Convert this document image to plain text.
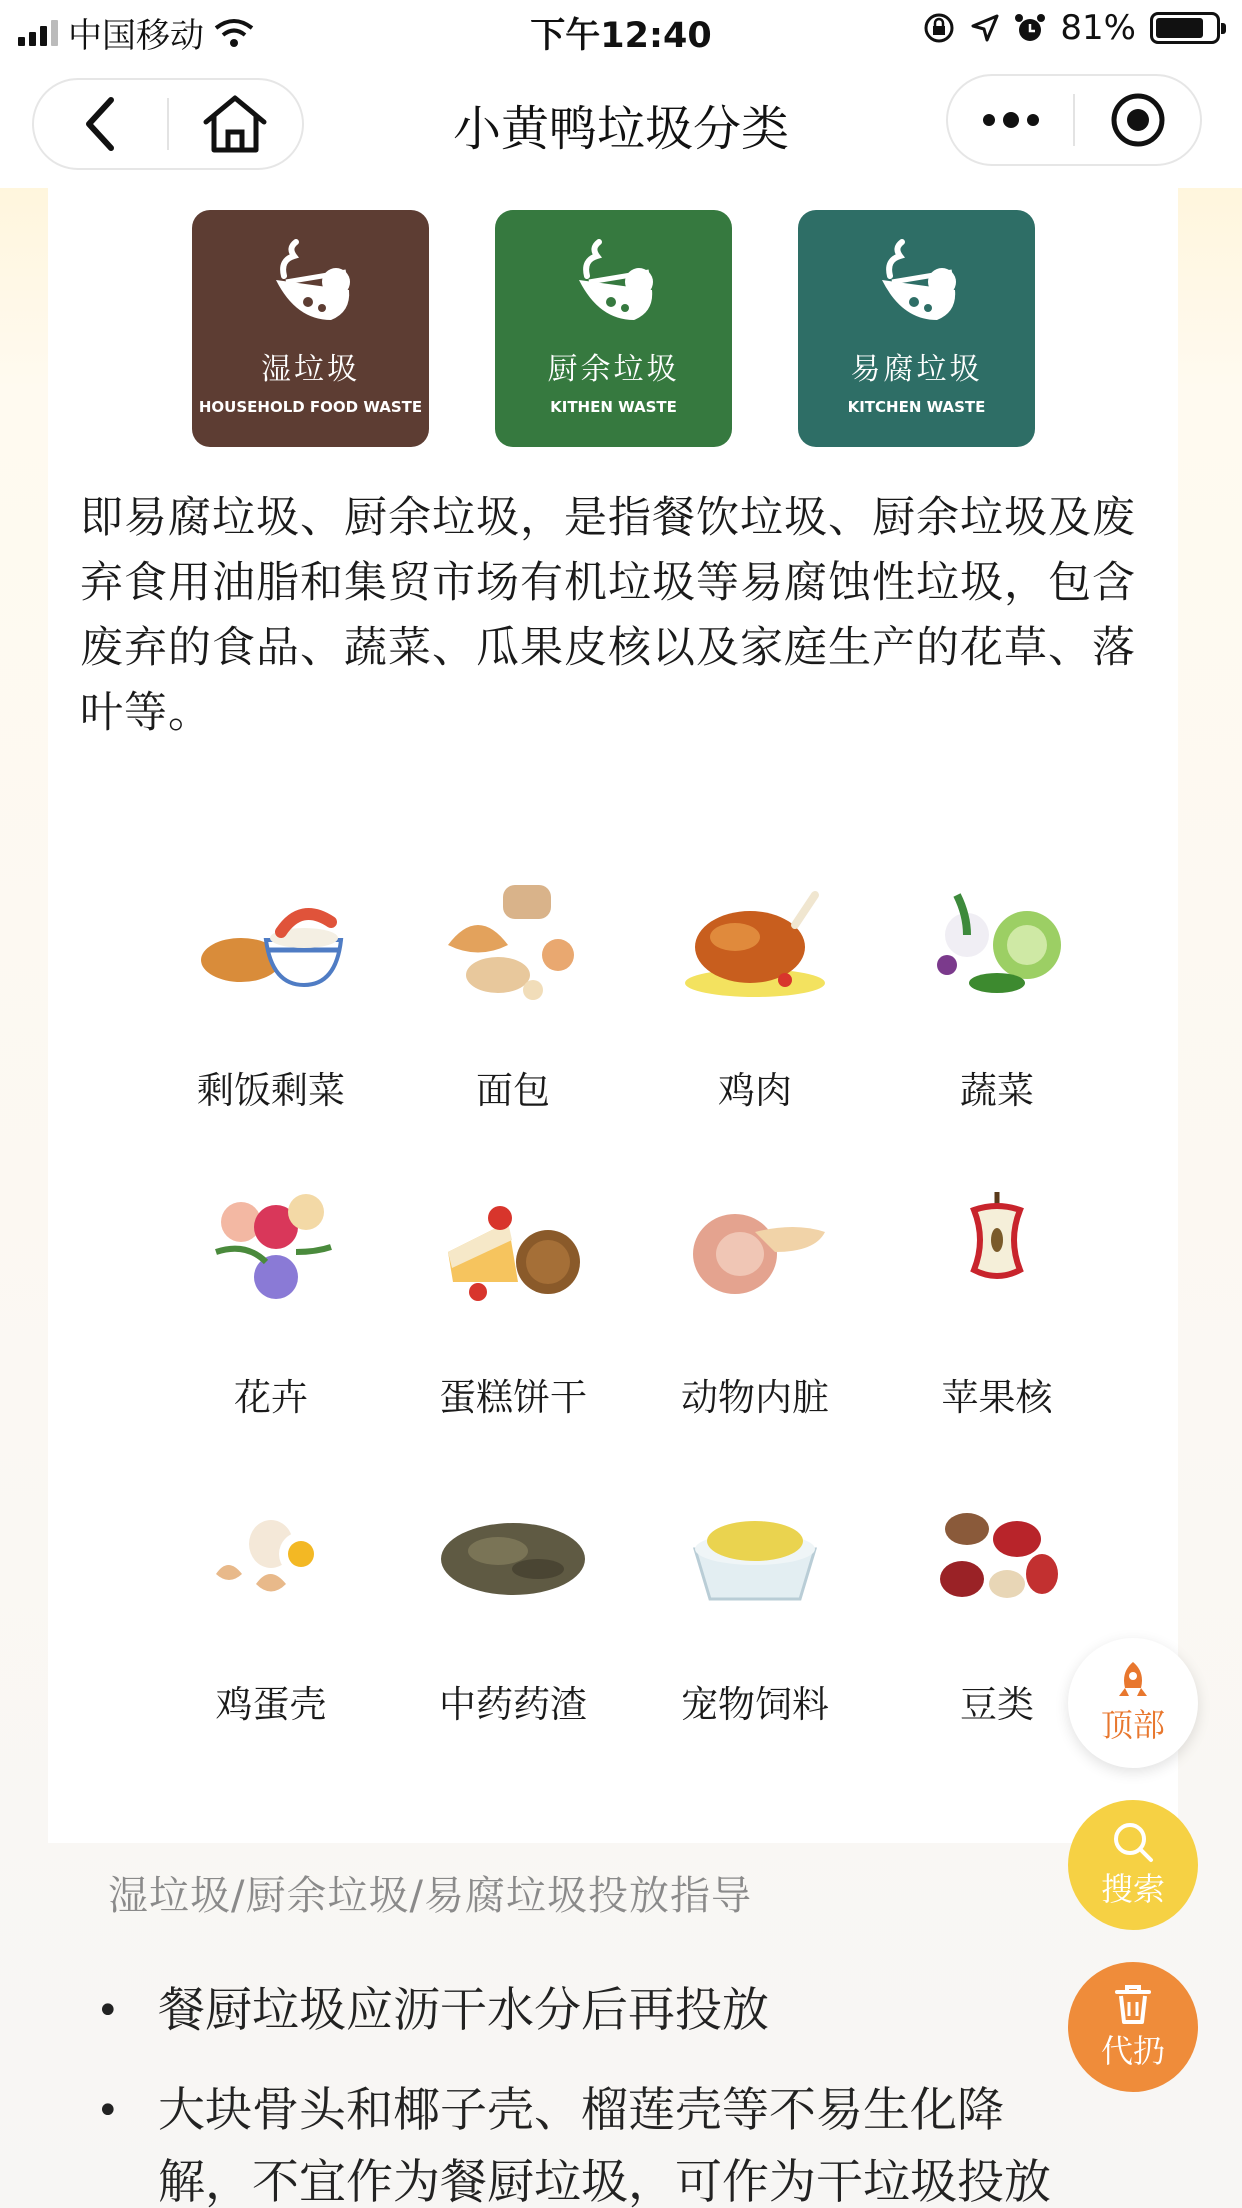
中国移动	下午12:40	81%
小黄鸭垃圾分类
湿垃圾
HOUSEHOLD FOOD WASTE
厨余垃圾
KITHEN WASTE
易腐垃圾
KITCHEN WASTE
即易腐垃圾、厨余垃圾，是指餐饮垃圾、厨余垃圾及废弃食用油脂和集贸市场有机垃圾等易腐蚀性垃圾，包含废弃的食品、蔬菜、瓜果皮核以及家庭生产的花草、落叶等。
剩饭剩菜	面包	鸡肉	蔬菜
花卉	蛋糕饼干	动物内脏	苹果核
鸡蛋壳	中药药渣	宠物饲料	豆类
湿垃圾/厨余垃圾/易腐垃圾投放指导
• 餐厨垃圾应沥干水分后再投放
• 大块骨头和椰子壳、榴莲壳等不易生化降解，不宜作为餐厨垃圾，可作为干垃圾投放
顶部
搜索
代扔
